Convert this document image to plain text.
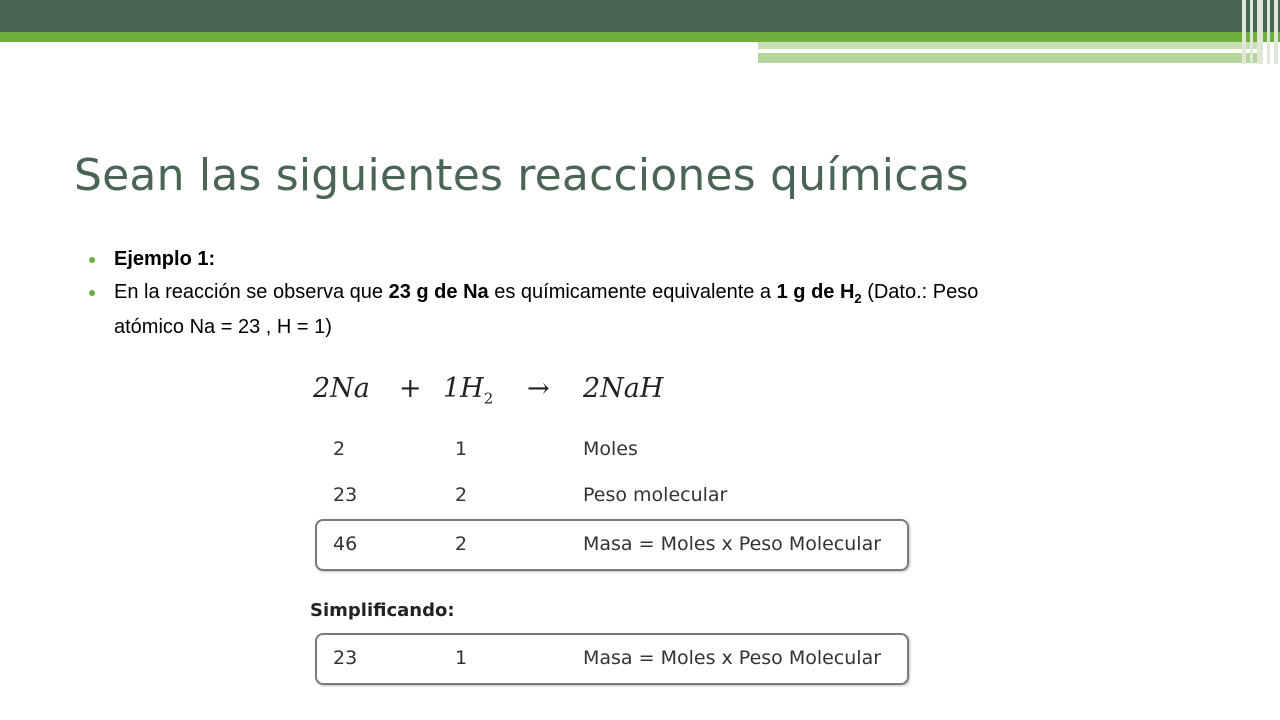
Sean las siguientes reacciones químicas
● Ejemplo 1:
● En la reacción se observa que 23 g de Na es químicamente equivalente a 1 g de $H_2$ (Dato.: Peso atómico Na = 23 , H = 1)
$2Na + 1H_2 \to 2NaH$
2	1	Moles
23	2	Peso molecular
46	2	Masa = Moles x Peso Molecular
Simplificando:
23	1	Masa = Moles x Peso Molecular
